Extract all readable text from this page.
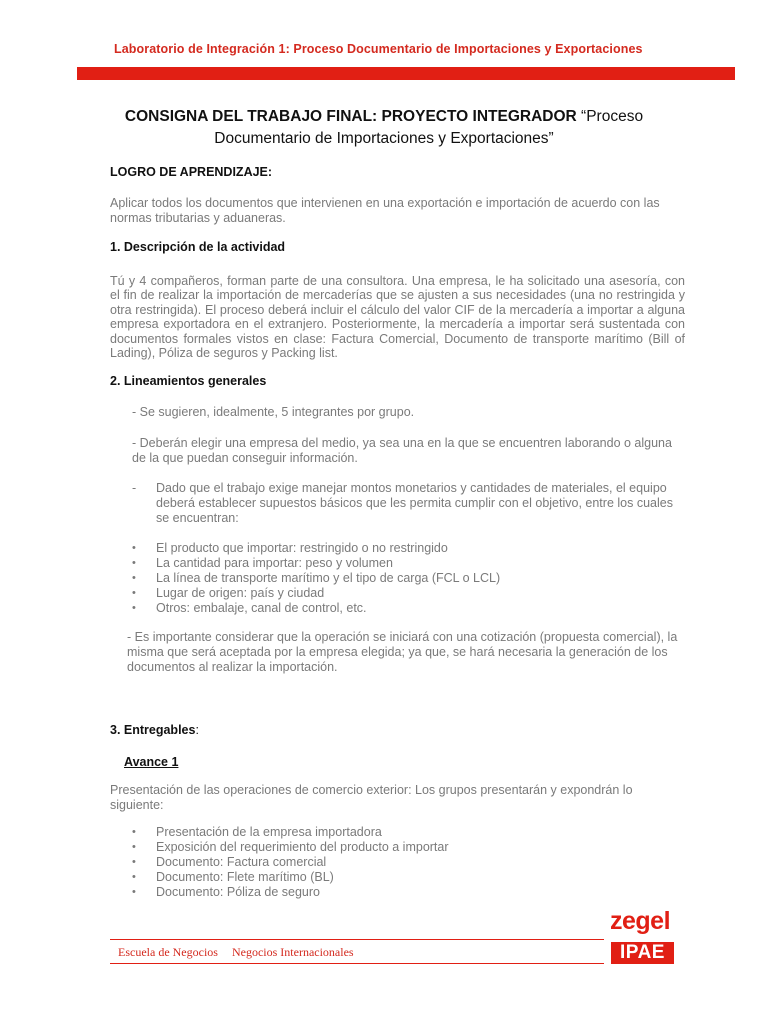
Laboratorio de Integración 1: Proceso Documentario de Importaciones y Exportaciones
CONSIGNA DEL TRABAJO FINAL: PROYECTO INTEGRADOR “Proceso Documentario de Importaciones y Exportaciones”
LOGRO DE APRENDIZAJE:
Aplicar todos los documentos que intervienen en una exportación e importación de acuerdo con las normas tributarias y aduaneras.
1. Descripción de la actividad
Tú y 4 compañeros, forman parte de una consultora. Una empresa, le ha solicitado una asesoría, con el fin de realizar la importación de mercaderías que se ajusten a sus necesidades (una no restringida y otra restringida). El proceso deberá incluir el cálculo del valor CIF de la mercadería a importar a alguna empresa exportadora en el extranjero. Posteriormente, la mercadería a importar será sustentada con documentos formales vistos en clase: Factura Comercial, Documento de transporte marítimo (Bill of Lading), Póliza de seguros y Packing list.
2. Lineamientos generales
- Se sugieren, idealmente, 5 integrantes por grupo.
- Deberán elegir una empresa del medio, ya sea una en la que se encuentren laborando o alguna de la que puedan conseguir información.
- Dado que el trabajo exige manejar montos monetarios y cantidades de materiales, el equipo deberá establecer supuestos básicos que les permita cumplir con el objetivo, entre los cuales se encuentran:
• El producto que importar: restringido o no restringido
• La cantidad para importar: peso y volumen
• La línea de transporte marítimo y el tipo de carga (FCL o LCL)
• Lugar de origen: país y ciudad
• Otros: embalaje, canal de control, etc.
- Es importante considerar que la operación se iniciará con una cotización (propuesta comercial), la misma que será aceptada por la empresa elegida; ya que, se hará necesaria la generación de los documentos al realizar la importación.
3. Entregables:
Avance 1
Presentación de las operaciones de comercio exterior: Los grupos presentarán y expondrán lo siguiente:
• Presentación de la empresa importadora
• Exposición del requerimiento del producto a importar
• Documento: Factura comercial
• Documento: Flete marítimo (BL)
• Documento: Póliza de seguro
Escuela de Negocios Negocios Internacionales
zegel
IPAE
